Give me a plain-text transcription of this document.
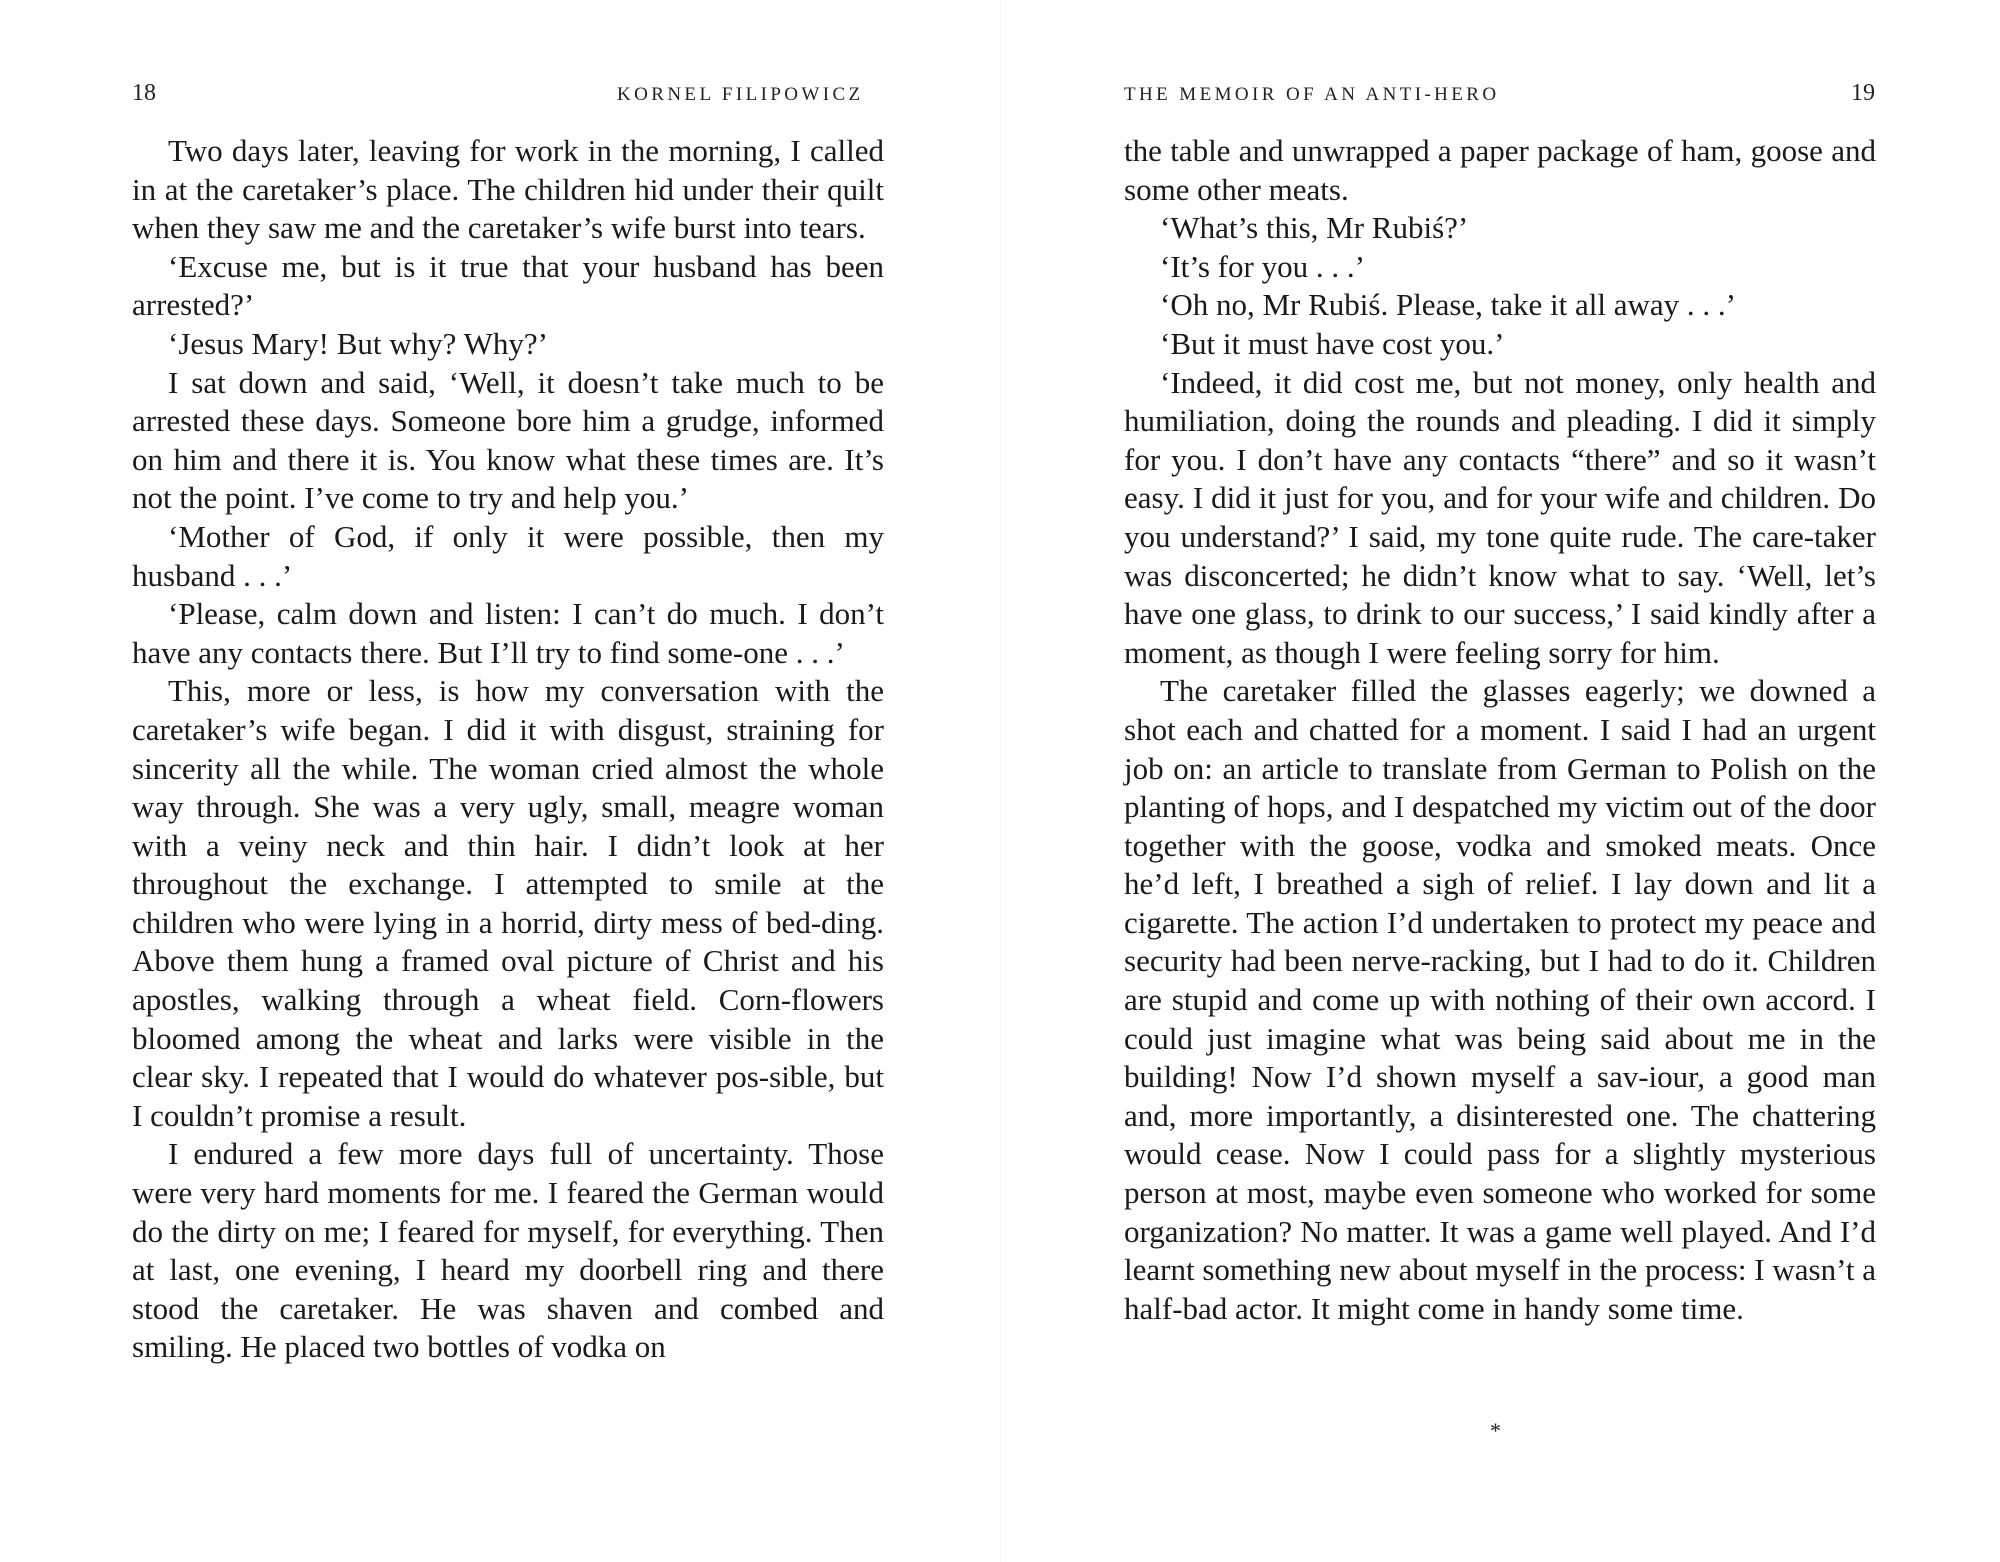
18	KORNEL FILIPOWICZ

Two days later, leaving for work in the morning, I called in at the caretaker’s place. The children hid under their quilt when they saw me and the caretaker’s wife burst into tears.

‘Excuse me, but is it true that your husband has been arrested?’

‘Jesus Mary! But why? Why?’

I sat down and said, ‘Well, it doesn’t take much to be arrested these days. Someone bore him a grudge, informed on him and there it is. You know what these times are. It’s not the point. I’ve come to try and help you.’

‘Mother of God, if only it were possible, then my husband . . .’

‘Please, calm down and listen: I can’t do much. I don’t have any contacts there. But I’ll try to find some-one . . .’

This, more or less, is how my conversation with the caretaker’s wife began. I did it with disgust, straining for sincerity all the while. The woman cried almost the whole way through. She was a very ugly, small, meagre woman with a veiny neck and thin hair. I didn’t look at her throughout the exchange. I attempted to smile at the children who were lying in a horrid, dirty mess of bed-ding. Above them hung a framed oval picture of Christ and his apostles, walking through a wheat field. Corn-flowers bloomed among the wheat and larks were visible in the clear sky. I repeated that I would do whatever pos-sible, but I couldn’t promise a result.

I endured a few more days full of uncertainty. Those were very hard moments for me. I feared the German would do the dirty on me; I feared for myself, for everything. Then at last, one evening, I heard my doorbell ring and there stood the caretaker. He was shaven and combed and smiling. He placed two bottles of vodka on

THE MEMOIR OF AN ANTI-HERO	19

the table and unwrapped a paper package of ham, goose and some other meats.

‘What’s this, Mr Rubiś?’

‘It’s for you . . .’

‘Oh no, Mr Rubiś. Please, take it all away . . .’

‘But it must have cost you.’

‘Indeed, it did cost me, but not money, only health and humiliation, doing the rounds and pleading. I did it simply for you. I don’t have any contacts “there” and so it wasn’t easy. I did it just for you, and for your wife and children. Do you understand?’ I said, my tone quite rude. The care-taker was disconcerted; he didn’t know what to say. ‘Well, let’s have one glass, to drink to our success,’ I said kindly after a moment, as though I were feeling sorry for him.

The caretaker filled the glasses eagerly; we downed a shot each and chatted for a moment. I said I had an urgent job on: an article to translate from German to Polish on the planting of hops, and I despatched my victim out of the door together with the goose, vodka and smoked meats. Once he’d left, I breathed a sigh of relief. I lay down and lit a cigarette. The action I’d undertaken to protect my peace and security had been nerve-racking, but I had to do it. Children are stupid and come up with nothing of their own accord. I could just imagine what was being said about me in the building! Now I’d shown myself a sav-iour, a good man and, more importantly, a disinterested one. The chattering would cease. Now I could pass for a slightly mysterious person at most, maybe even someone who worked for some organization? No matter. It was a game well played. And I’d learnt something new about myself in the process: I wasn’t a half-bad actor. It might come in handy some time.

*
